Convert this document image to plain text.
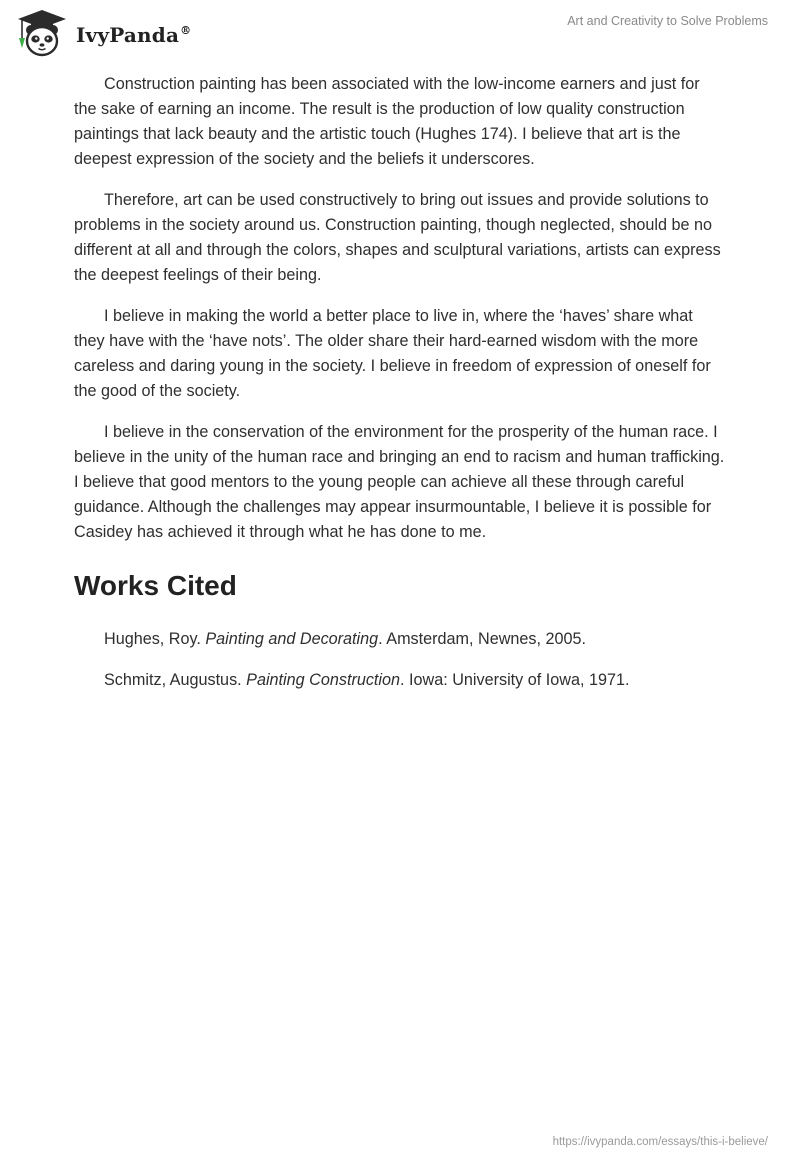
IvyPanda®
Art and Creativity to Solve Problems

Construction painting has been associated with the low-income earners and just for the sake of earning an income. The result is the production of low quality construction paintings that lack beauty and the artistic touch (Hughes 174). I believe that art is the deepest expression of the society and the beliefs it underscores.

Therefore, art can be used constructively to bring out issues and provide solutions to problems in the society around us. Construction painting, though neglected, should be no different at all and through the colors, shapes and sculptural variations, artists can express the deepest feelings of their being.

I believe in making the world a better place to live in, where the ‘haves’ share what they have with the ‘have nots’. The older share their hard-earned wisdom with the more careless and daring young in the society. I believe in freedom of expression of oneself for the good of the society.

I believe in the conservation of the environment for the prosperity of the human race. I believe in the unity of the human race and bringing an end to racism and human trafficking. I believe that good mentors to the young people can achieve all these through careful guidance. Although the challenges may appear insurmountable, I believe it is possible for Casidey has achieved it through what he has done to me.

Works Cited

Hughes, Roy. Painting and Decorating. Amsterdam, Newnes, 2005.

Schmitz, Augustus. Painting Construction. Iowa: University of Iowa, 1971.

https://ivypanda.com/essays/this-i-believe/
